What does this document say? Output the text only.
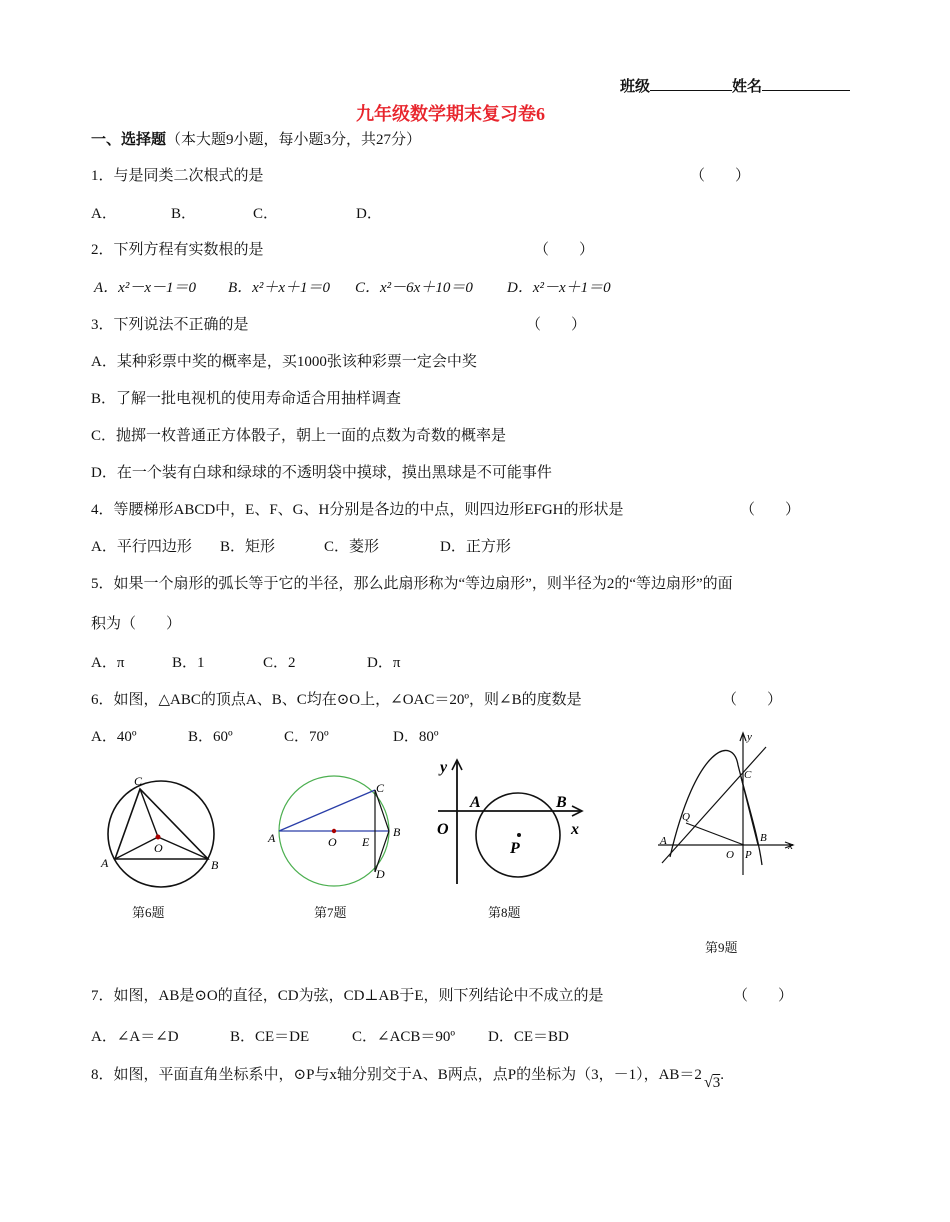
班级	姓名
九年级数学期末复习卷6
一、选择题（本大题9小题，每小题3分，共27分）
1．与是同类二次根式的是	（　　）
A．	B．	C．	D．
2．下列方程有实数根的是	（　　）
A．x²－x－1＝0 B．x²＋x＋1＝0 C．x²－6x＋10＝0 D．x²－x＋1＝0
3．下列说法不正确的是	（　　）
A．某种彩票中奖的概率是，买1000张该种彩票一定会中奖
B．了解一批电视机的使用寿命适合用抽样调查
C．抛掷一枚普通正方体骰子，朝上一面的点数为奇数的概率是
D．在一个装有白球和绿球的不透明袋中摸球，摸出黑球是不可能事件
4．等腰梯形ABCD中，E、F、G、H分别是各边的中点，则四边形EFGH的形状是	（　　）
A．平行四边形 B．矩形	C．菱形	D．正方形
5．如果一个扇形的弧长等于它的半径，那么此扇形称为“等边扇形”，则半径为2的“等边扇形”的面
积为（　　）
A．π	B．1	C．2	D．π
6．如图，△ABC的顶点A、B、C均在⊙O上，∠OAC＝20º，则∠B的度数是	（　　）
A．40º	B．60º	C．70º	D．80º
C
O
A	B
第6题
C
A	O E
B
D
第7题
y
A	B
O	x
P
第8题
y
C
Q
A	B
O P
x
第9题
7．如图，AB是⊙O的直径，CD为弦，CD⊥AB于E，则下列结论中不成立的是	（　　）
A．∠A＝∠D	B．CE＝DE	C．∠ACB＝90º D．CE＝BD
8．如图，平面直角坐标系中，⊙P与x轴分别交于A、B两点，点P的坐标为（3，－1），AB＝2 √3.
